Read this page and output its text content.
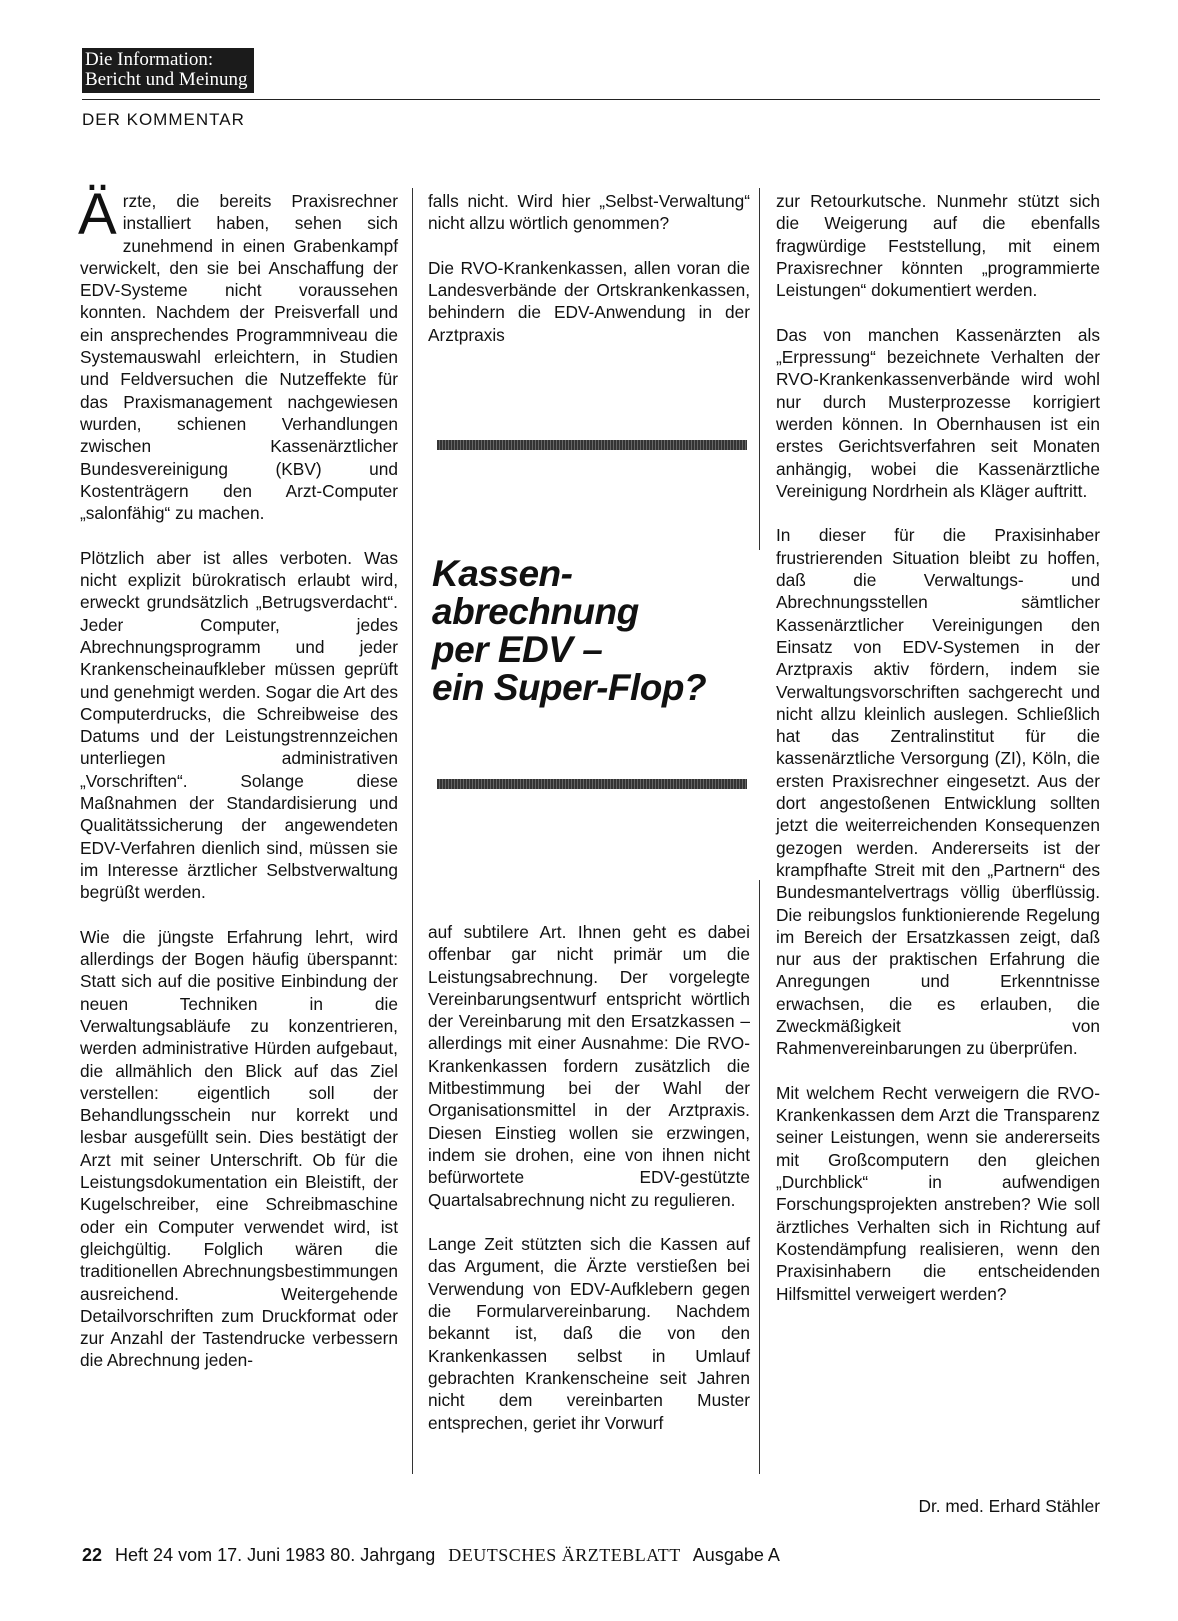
Die Information:
Bericht und Meinung
DER KOMMENTAR

Ärzte, die bereits Praxisrechner installiert haben, sehen sich zunehmend in einen Grabenkampf verwickelt, den sie bei Anschaffung der EDV-Systeme nicht voraussehen konnten. Nachdem der Preisverfall und ein ansprechendes Programmniveau die Systemauswahl erleichtern, in Studien und Feldversuchen die Nutzeffekte für das Praxismanagement nachgewiesen wurden, schienen Verhandlungen zwischen Kassenärztlicher Bundesvereinigung (KBV) und Kostenträgern den Arzt-Computer „salonfähig“ zu machen.

Plötzlich aber ist alles verboten. Was nicht explizit bürokratisch erlaubt wird, erweckt grundsätzlich „Betrugsverdacht“. Jeder Computer, jedes Abrechnungsprogramm und jeder Krankenscheinaufkleber müssen geprüft und genehmigt werden. Sogar die Art des Computerdrucks, die Schreibweise des Datums und der Leistungstrennzeichen unterliegen administrativen „Vorschriften“. Solange diese Maßnahmen der Standardisierung und Qualitätssicherung der angewendeten EDV-Verfahren dienlich sind, müssen sie im Interesse ärztlicher Selbstverwaltung begrüßt werden.

Wie die jüngste Erfahrung lehrt, wird allerdings der Bogen häufig überspannt: Statt sich auf die positive Einbindung der neuen Techniken in die Verwaltungsabläufe zu konzentrieren, werden administrative Hürden aufgebaut, die allmählich den Blick auf das Ziel verstellen: eigentlich soll der Behandlungsschein nur korrekt und lesbar ausgefüllt sein. Dies bestätigt der Arzt mit seiner Unterschrift. Ob für die Leistungsdokumentation ein Bleistift, der Kugelschreiber, eine Schreibmaschine oder ein Computer verwendet wird, ist gleichgültig. Folglich wären die traditionellen Abrechnungsbestimmungen ausreichend. Weitergehende Detailvorschriften zum Druckformat oder zur Anzahl der Tastendrucke verbessern die Abrechnung jeden-

falls nicht. Wird hier „Selbst-Verwaltung“ nicht allzu wörtlich genommen?

Die RVO-Krankenkassen, allen voran die Landesverbände der Ortskrankenkassen, behindern die EDV-Anwendung in der Arztpraxis

Kassen-
abrechnung
per EDV –
ein Super-Flop?

auf subtilere Art. Ihnen geht es dabei offenbar gar nicht primär um die Leistungsabrechnung. Der vorgelegte Vereinbarungsentwurf entspricht wörtlich der Vereinbarung mit den Ersatzkassen – allerdings mit einer Ausnahme: Die RVO-Krankenkassen fordern zusätzlich die Mitbestimmung bei der Wahl der Organisationsmittel in der Arztpraxis. Diesen Einstieg wollen sie erzwingen, indem sie drohen, eine von ihnen nicht befürwortete EDV-gestützte Quartalsabrechnung nicht zu regulieren.

Lange Zeit stützten sich die Kassen auf das Argument, die Ärzte verstießen bei Verwendung von EDV-Aufklebern gegen die Formularvereinbarung. Nachdem bekannt ist, daß die von den Krankenkassen selbst in Umlauf gebrachten Krankenscheine seit Jahren nicht dem vereinbarten Muster entsprechen, geriet ihr Vorwurf

zur Retourkutsche. Nunmehr stützt sich die Weigerung auf die ebenfalls fragwürdige Feststellung, mit einem Praxisrechner könnten „programmierte Leistungen“ dokumentiert werden.

Das von manchen Kassenärzten als „Erpressung“ bezeichnete Verhalten der RVO-Krankenkassenverbände wird wohl nur durch Musterprozesse korrigiert werden können. In Obernhausen ist ein erstes Gerichtsverfahren seit Monaten anhängig, wobei die Kassenärztliche Vereinigung Nordrhein als Kläger auftritt.

In dieser für die Praxisinhaber frustrierenden Situation bleibt zu hoffen, daß die Verwaltungs- und Abrechnungsstellen sämtlicher Kassenärztlicher Vereinigungen den Einsatz von EDV-Systemen in der Arztpraxis aktiv fördern, indem sie Verwaltungsvorschriften sachgerecht und nicht allzu kleinlich auslegen. Schließlich hat das Zentralinstitut für die kassenärztliche Versorgung (ZI), Köln, die ersten Praxisrechner eingesetzt. Aus der dort angestoßenen Entwicklung sollten jetzt die weiterreichenden Konsequenzen gezogen werden. Andererseits ist der krampfhafte Streit mit den „Partnern“ des Bundesmantelvertrags völlig überflüssig. Die reibungslos funktionierende Regelung im Bereich der Ersatzkassen zeigt, daß nur aus der praktischen Erfahrung die Anregungen und Erkenntnisse erwachsen, die es erlauben, die Zweckmäßigkeit von Rahmenvereinbarungen zu überprüfen.

Mit welchem Recht verweigern die RVO-Krankenkassen dem Arzt die Transparenz seiner Leistungen, wenn sie andererseits mit Großcomputern den gleichen „Durchblick“ in aufwendigen Forschungsprojekten anstreben? Wie soll ärztliches Verhalten sich in Richtung auf Kostendämpfung realisieren, wenn den Praxisinhabern die entscheidenden Hilfsmittel verweigert werden?

Dr. med. Erhard Stähler
22 Heft 24 vom 17. Juni 1983 80. Jahrgang DEUTSCHES ÄRZTEBLATT Ausgabe A
